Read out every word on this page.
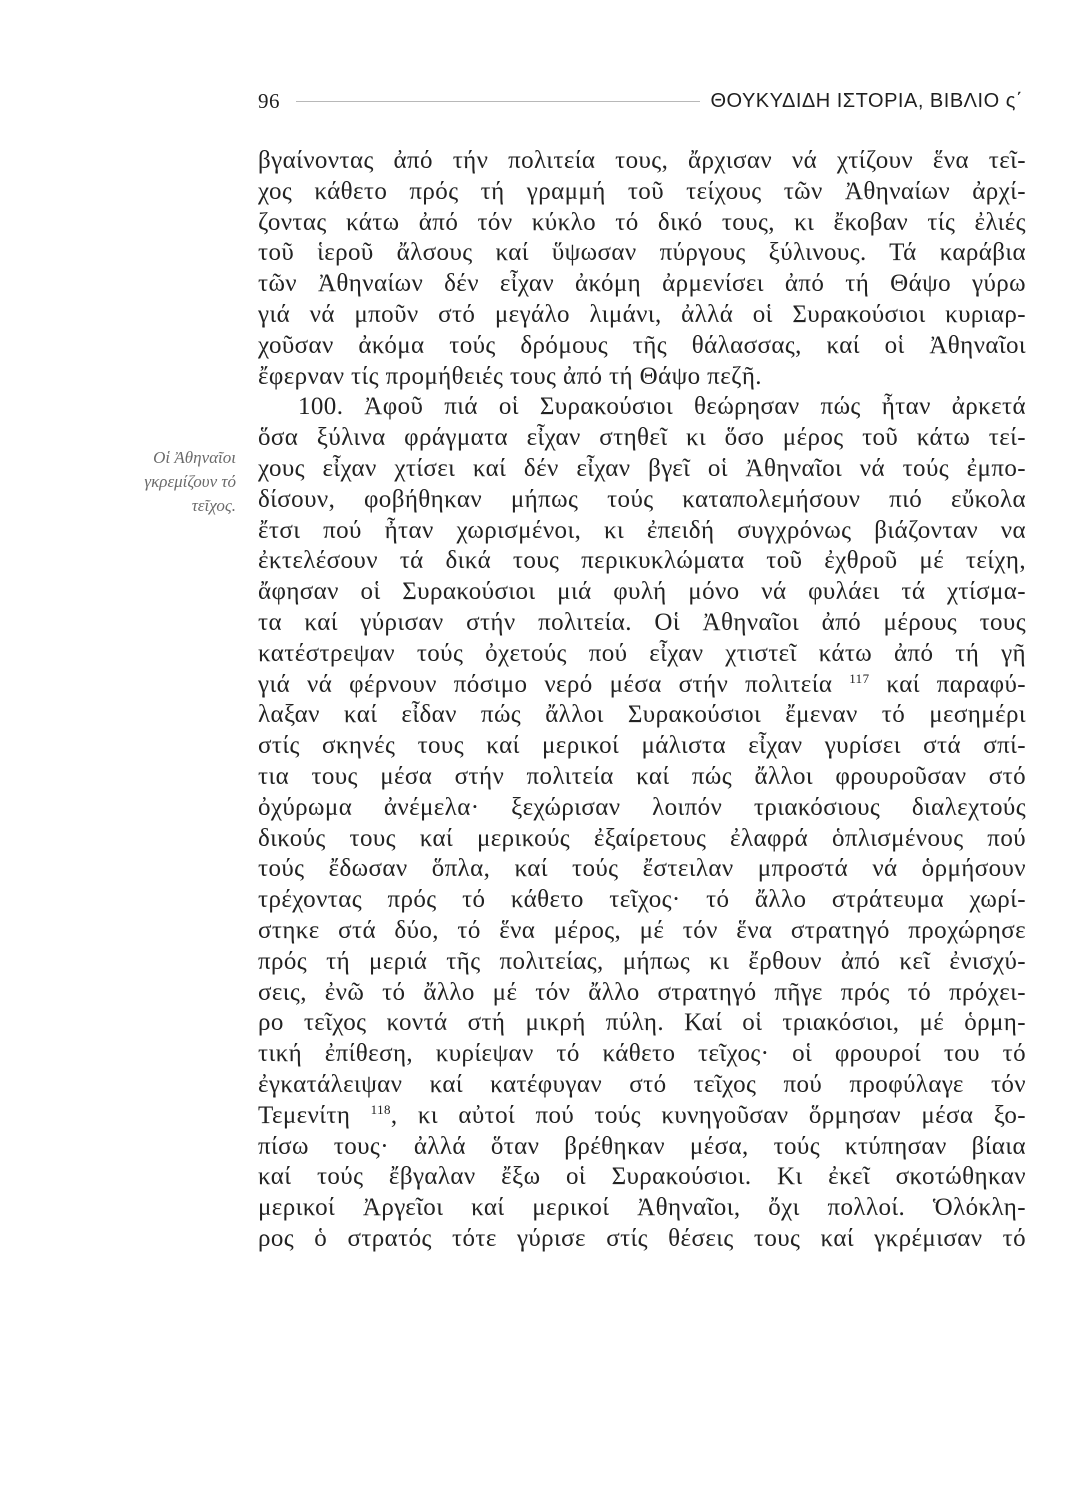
96	ΘΟΥΚΥΔΙΔΗ ΙΣΤΟΡΙΑ, ΒΙΒΛΙΟ ς΄
Οἱ Ἀθηναῖοι
γκρεμίζουν τό
τεῖχος.
βγαίνοντας ἀπό τήν πολιτεία τους, ἄρχισαν νά χτίζουν ἕνα τεῖ-
χος κάθετο πρός τή γραμμή τοῦ τείχους τῶν Ἀθηναίων ἀρχί-
ζοντας κάτω ἀπό τόν κύκλο τό δικό τους, κι ἔκοβαν τίς ἐλιές
τοῦ ἱεροῦ ἄλσους καί ὕψωσαν πύργους ξύλινους. Τά καράβια
τῶν Ἀθηναίων δέν εἶχαν ἀκόμη ἀρμενίσει ἀπό τή Θάψο γύρω
γιά νά μποῦν στό μεγάλο λιμάνι, ἀλλά οἱ Συρακούσιοι κυριαρ-
χοῦσαν ἀκόμα τούς δρόμους τῆς θάλασσας, καί οἱ Ἀθηναῖοι
ἔφερναν τίς προμήθειές τους ἀπό τή Θάψο πεζῆ.
100. Ἀφοῦ πιά οἱ Συρακούσιοι θεώρησαν πώς ἦταν ἀρκετά
ὅσα ξύλινα φράγματα εἶχαν στηθεῖ κι ὅσο μέρος τοῦ κάτω τεί-
χους εἶχαν χτίσει καί δέν εἶχαν βγεῖ οἱ Ἀθηναῖοι νά τούς ἐμπο-
δίσουν, φοβήθηκαν μήπως τούς καταπολεμήσουν πιό εὔκολα
ἔτσι πού ἦταν χωρισμένοι, κι ἐπειδή συγχρόνως βιάζονταν να
ἐκτελέσουν τά δικά τους περικυκλώματα τοῦ ἐχθροῦ μέ τείχη,
ἄφησαν οἱ Συρακούσιοι μιά φυλή μόνο νά φυλάει τά χτίσμα-
τα καί γύρισαν στήν πολιτεία. Οἱ Ἀθηναῖοι ἀπό μέρους τους
κατέστρεψαν τούς ὀχετούς πού εἶχαν χτιστεῖ κάτω ἀπό τή γῆ
γιά νά φέρνουν πόσιμο νερό μέσα στήν πολιτεία $^{117}$ καί παραφύ-
λαξαν καί εἶδαν πώς ἄλλοι Συρακούσιοι ἔμεναν τό μεσημέρι
στίς σκηνές τους καί μερικοί μάλιστα εἶχαν γυρίσει στά σπί-
τια τους μέσα στήν πολιτεία καί πώς ἄλλοι φρουροῦσαν στό
ὀχύρωμα ἀνέμελα· ξεχώρισαν λοιπόν τριακόσιους διαλεχτούς
δικούς τους καί μερικούς ἐξαίρετους ἐλαφρά ὁπλισμένους πού
τούς ἔδωσαν ὅπλα, καί τούς ἔστειλαν μπροστά νά ὁρμήσουν
τρέχοντας πρός τό κάθετο τεῖχος· τό ἄλλο στράτευμα χωρί-
στηκε στά δύο, τό ἕνα μέρος, μέ τόν ἕνα στρατηγό προχώρησε
πρός τή μεριά τῆς πολιτείας, μήπως κι ἔρθουν ἀπό κεῖ ἐνισχύ-
σεις, ἐνῶ τό ἄλλο μέ τόν ἄλλο στρατηγό πῆγε πρός τό πρόχει-
ρο τεῖχος κοντά στή μικρή πύλη. Καί οἱ τριακόσιοι, μέ ὁρμη-
τική ἐπίθεση, κυρίεψαν τό κάθετο τεῖχος· οἱ φρουροί του τό
ἐγκατάλειψαν καί κατέφυγαν στό τεῖχος πού προφύλαγε τόν
Τεμενίτη $^{118}$, κι αὐτοί πού τούς κυνηγοῦσαν ὅρμησαν μέσα ξο-
πίσω τους· ἀλλά ὅταν βρέθηκαν μέσα, τούς κτύπησαν βίαια
καί τούς ἔβγαλαν ἔξω οἱ Συρακούσιοι. Κι ἐκεῖ σκοτώθηκαν
μερικοί Ἀργεῖοι καί μερικοί Ἀθηναῖοι, ὄχι πολλοί. Ὁλόκλη-
ρος ὁ στρατός τότε γύρισε στίς θέσεις τους καί γκρέμισαν τό
